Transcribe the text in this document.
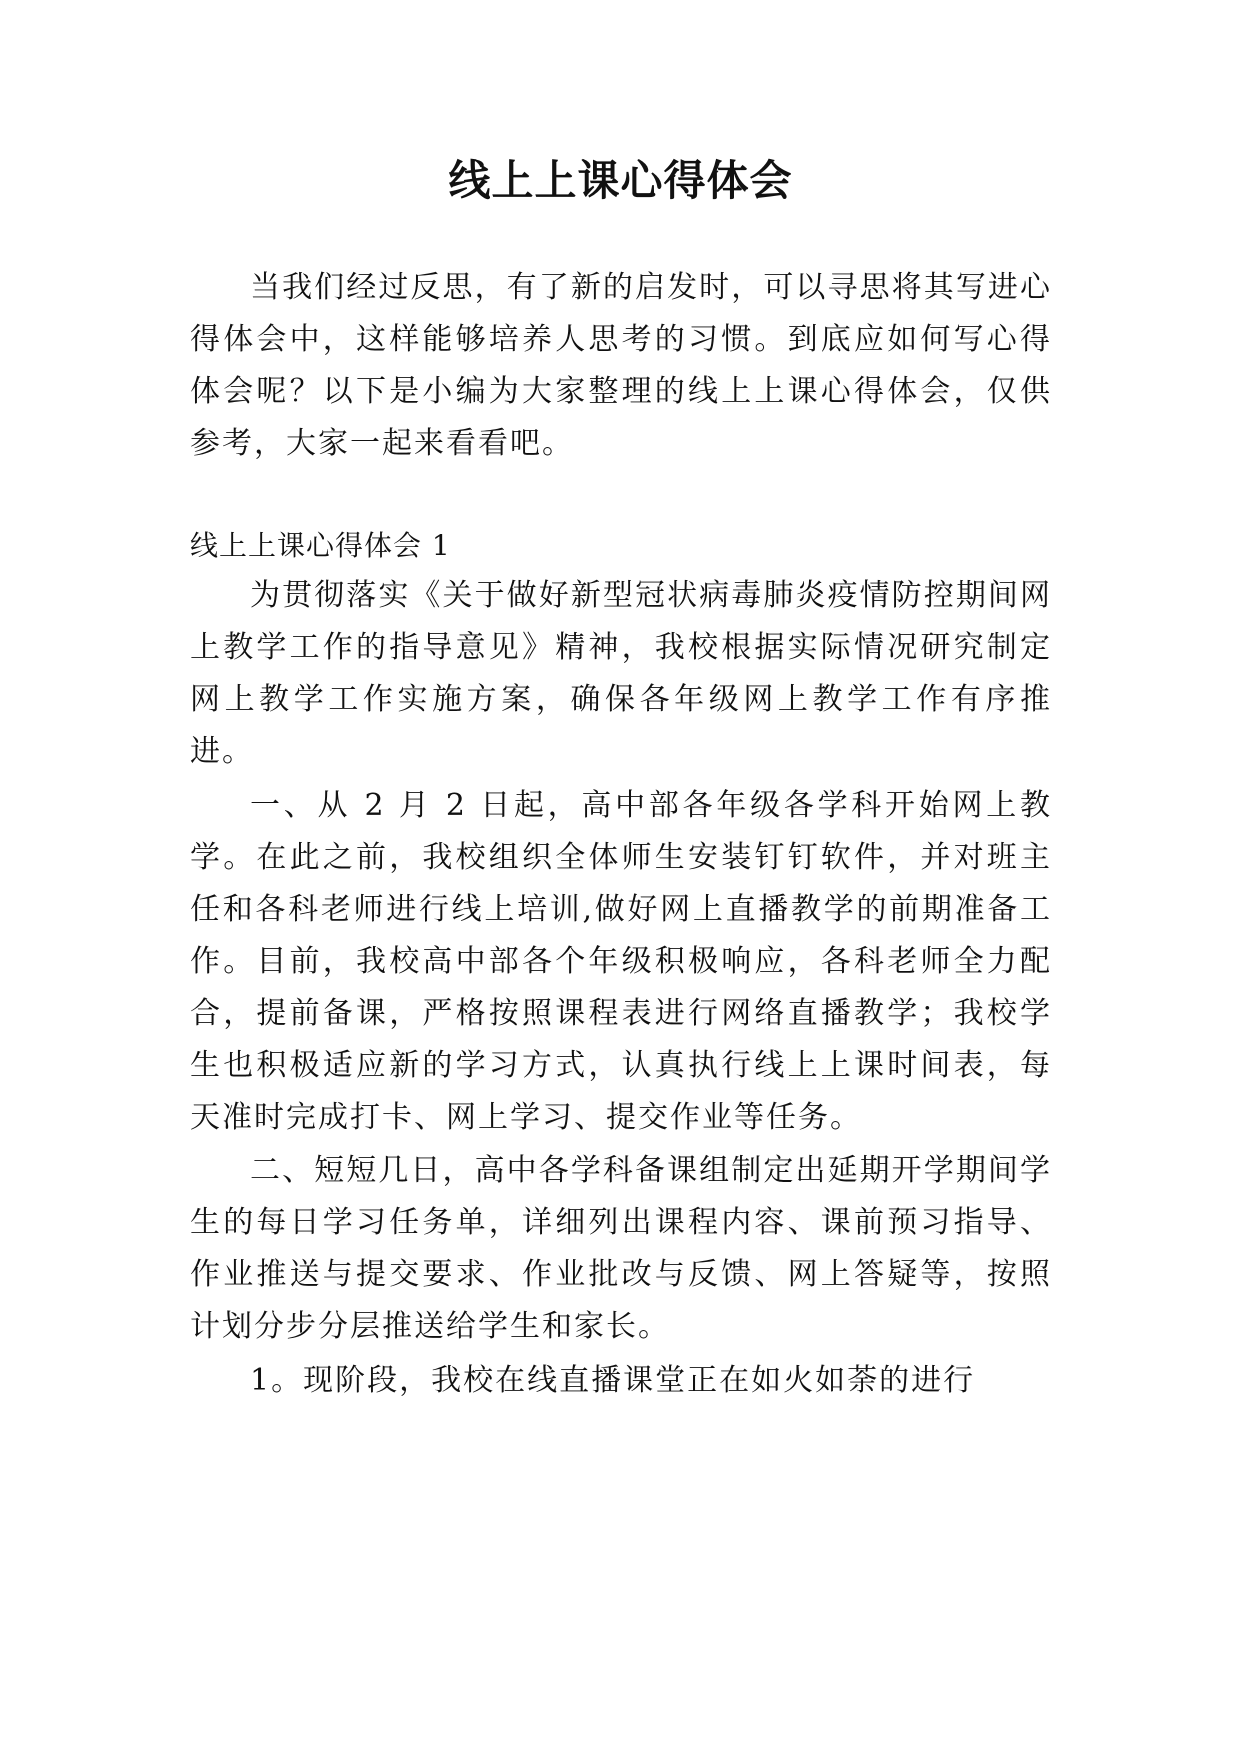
线上上课心得体会

当我们经过反思，有了新的启发时，可以寻思将其写进心得体会中，这样能够培养人思考的习惯。到底应如何写心得体会呢？以下是小编为大家整理的线上上课心得体会，仅供参考，大家一起来看看吧。

线上上课心得体会 1

为贯彻落实《关于做好新型冠状病毒肺炎疫情防控期间网上教学工作的指导意见》精神，我校根据实际情况研究制定网上教学工作实施方案，确保各年级网上教学工作有序推进。

一、从 2 月 2 日起，高中部各年级各学科开始网上教学。在此之前，我校组织全体师生安装钉钉软件，并对班主任和各科老师进行线上培训,做好网上直播教学的前期准备工作。目前，我校高中部各个年级积极响应，各科老师全力配合，提前备课，严格按照课程表进行网络直播教学；我校学生也积极适应新的学习方式，认真执行线上上课时间表，每天准时完成打卡、网上学习、提交作业等任务。

二、短短几日，高中各学科备课组制定出延期开学期间学生的每日学习任务单，详细列出课程内容、课前预习指导、作业推送与提交要求、作业批改与反馈、网上答疑等，按照计划分步分层推送给学生和家长。

1。现阶段，我校在线直播课堂正在如火如荼的进行
